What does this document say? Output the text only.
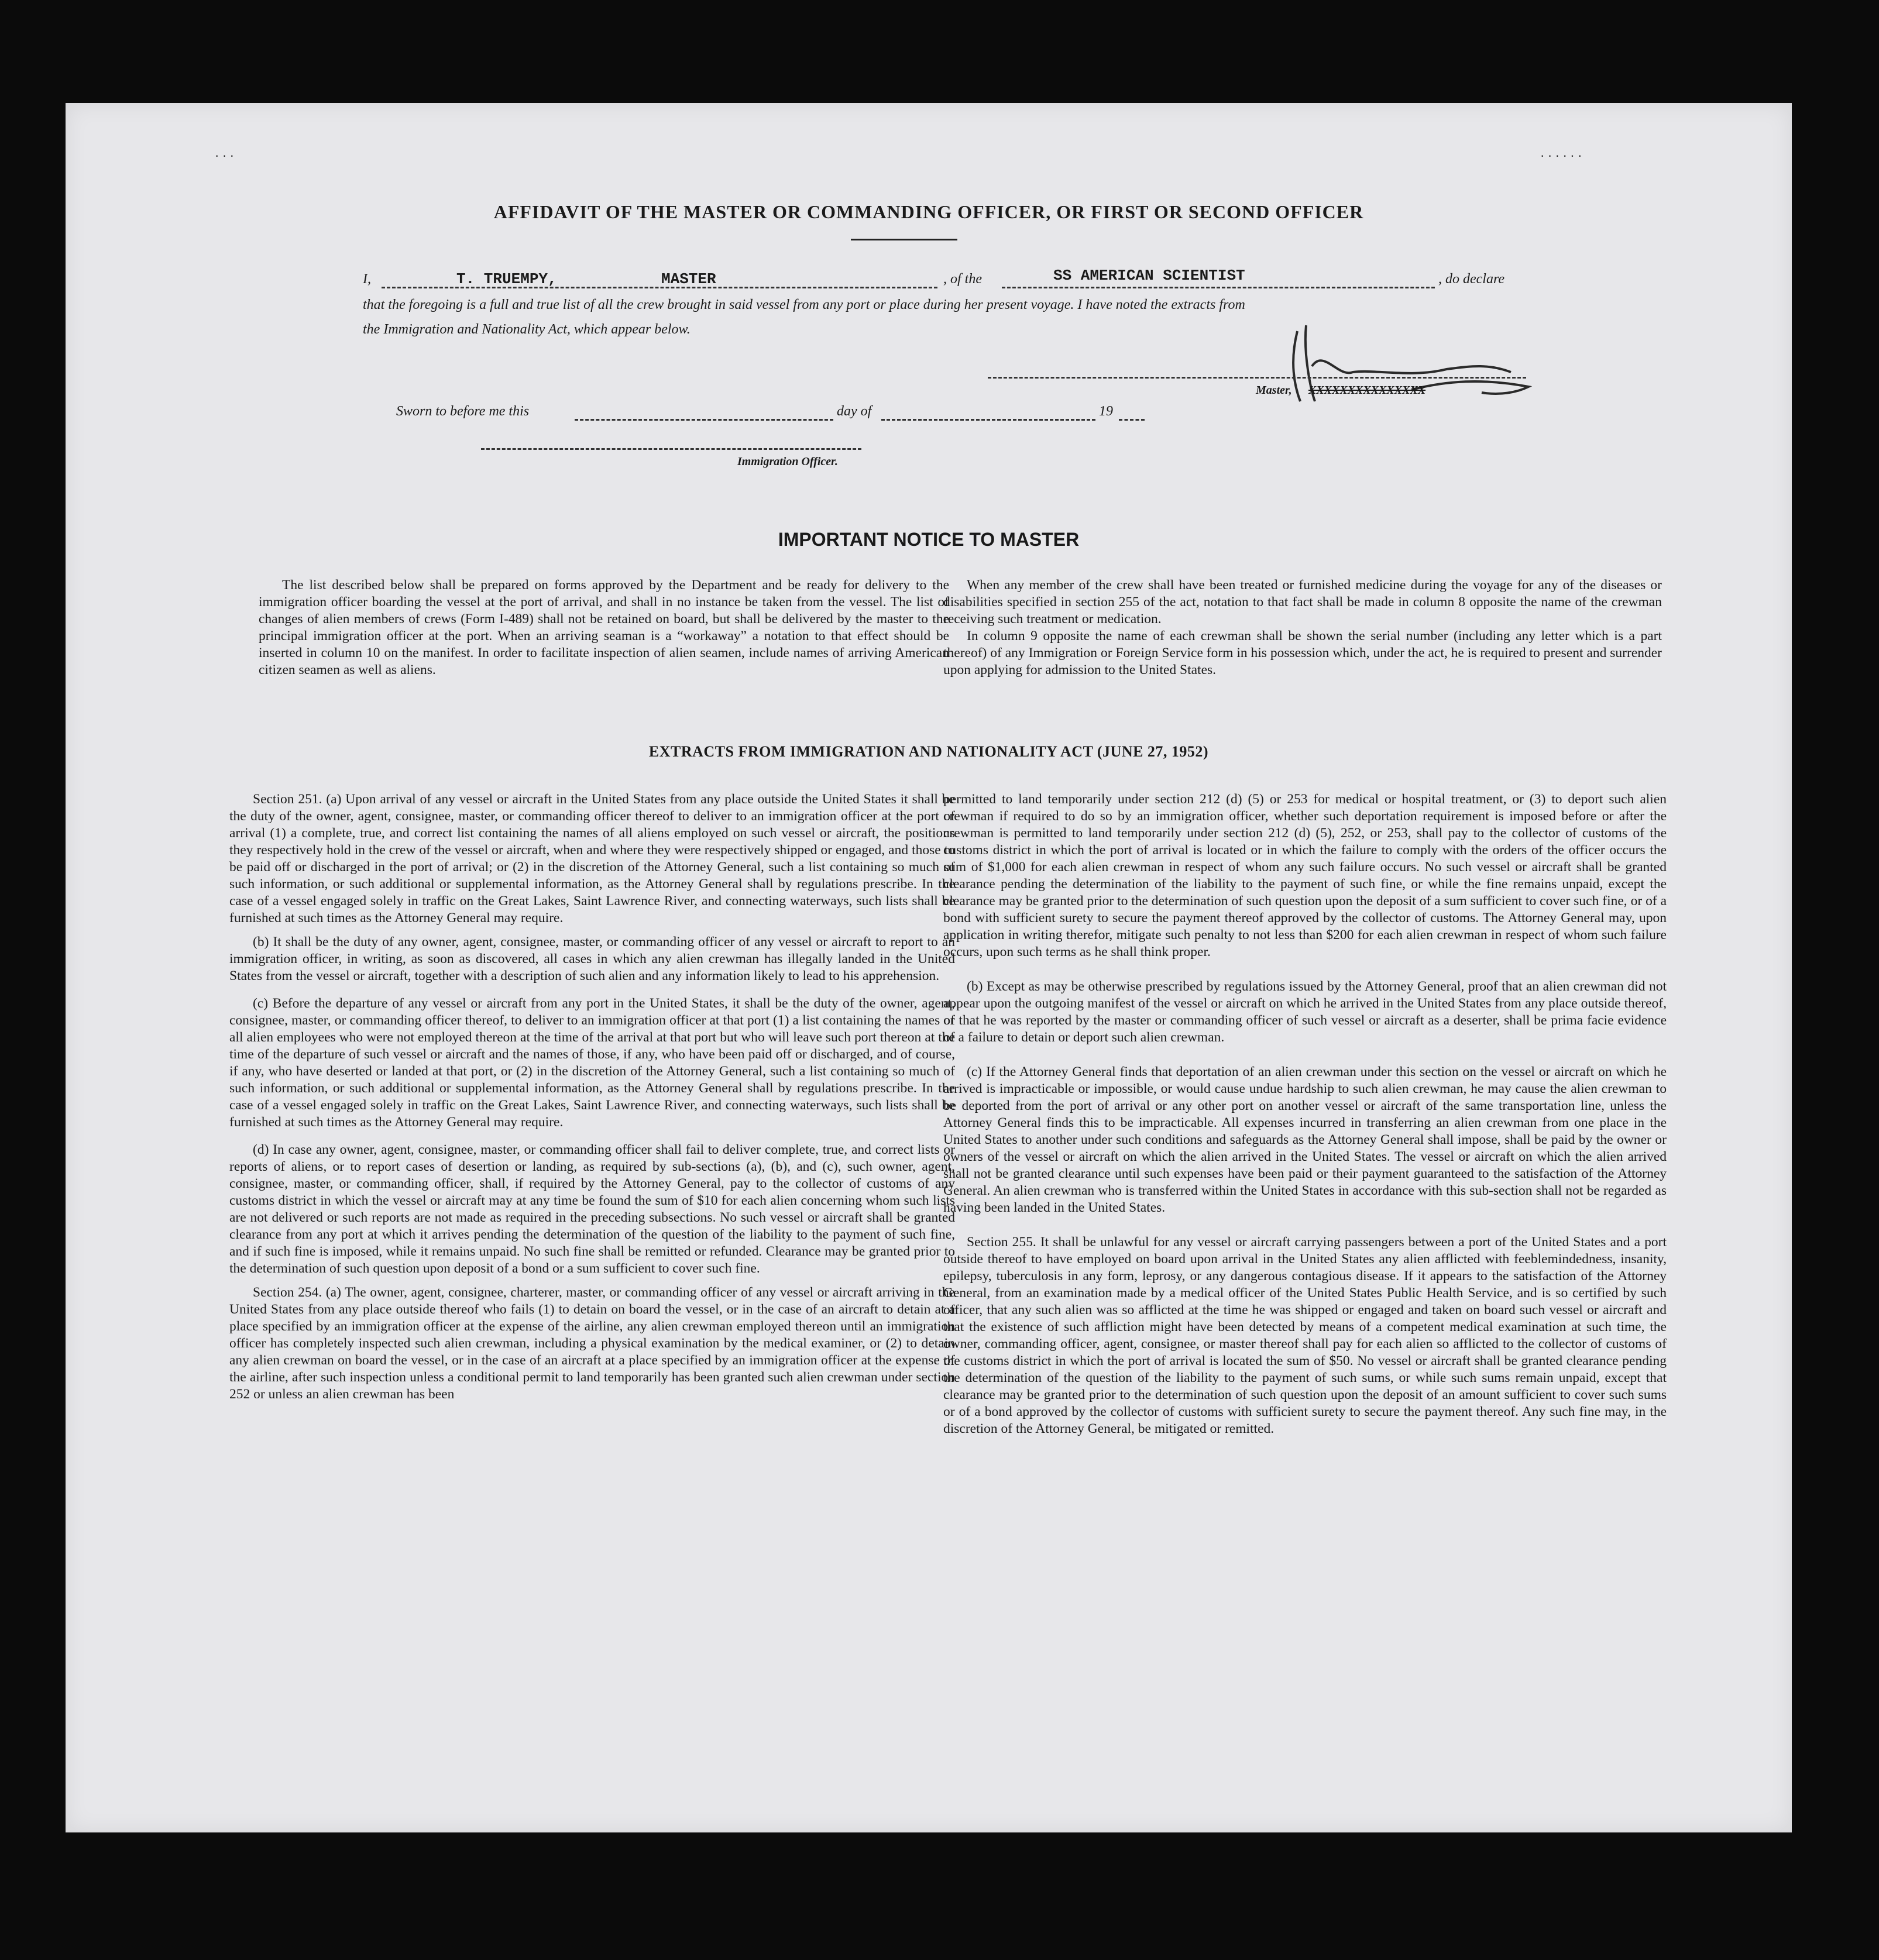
· · ·	· · · · · ·
AFFIDAVIT OF THE MASTER OR COMMANDING OFFICER, OR FIRST OR SECOND OFFICER
I,	T. TRUEMPY,	MASTER	, of the	SS AMERICAN SCIENTIST	, do declare
that the foregoing is a full and true list of all the crew brought in said vessel from any port or place during her present voyage. I have noted the extracts from
the Immigration and Nationality Act, which appear below.
Master, XXXXXXXXXXXXXXX
Sworn to before me this	day of	19
Immigration Officer.
IMPORTANT NOTICE TO MASTER

The list described below shall be prepared on forms approved by the Department and be ready for delivery to the immigration officer boarding the vessel at the port of arrival, and shall in no instance be taken from the vessel. The list of changes of alien members of crews (Form I-489) shall not be retained on board, but shall be delivered by the master to the principal immigration officer at the port. When an arriving seaman is a “workaway” a notation to that effect should be inserted in column 10 on the manifest. In order to facilitate inspection of alien seamen, include names of arriving American citizen seamen as well as aliens.

When any member of the crew shall have been treated or furnished medicine during the voyage for any of the diseases or disabilities specified in section 255 of the act, notation to that fact shall be made in column 8 opposite the name of the crewman receiving such treatment or medication.

In column 9 opposite the name of each crewman shall be shown the serial number (including any letter which is a part thereof) of any Immigration or Foreign Service form in his possession which, under the act, he is required to present and surrender upon applying for admission to the United States.

EXTRACTS FROM IMMIGRATION AND NATIONALITY ACT (JUNE 27, 1952)

Section 251. (a) Upon arrival of any vessel or aircraft in the United States from any place outside the United States it shall be the duty of the owner, agent, consignee, master, or commanding officer thereof to deliver to an immigration officer at the port of arrival (1) a complete, true, and correct list containing the names of all aliens employed on such vessel or aircraft, the positions they respectively hold in the crew of the vessel or aircraft, when and where they were respectively shipped or engaged, and those to be paid off or discharged in the port of arrival; or (2) in the discretion of the Attorney General, such a list containing so much of such information, or such additional or supplemental information, as the Attorney General shall by regulations prescribe. In the case of a vessel engaged solely in traffic on the Great Lakes, Saint Lawrence River, and connecting waterways, such lists shall be furnished at such times as the Attorney General may require.

(b) It shall be the duty of any owner, agent, consignee, master, or commanding officer of any vessel or aircraft to report to an immigration officer, in writing, as soon as discovered, all cases in which any alien crewman has illegally landed in the United States from the vessel or aircraft, together with a description of such alien and any information likely to lead to his apprehension.

(c) Before the departure of any vessel or aircraft from any port in the United States, it shall be the duty of the owner, agent, consignee, master, or commanding officer thereof, to deliver to an immigration officer at that port (1) a list containing the names of all alien employees who were not employed thereon at the time of the arrival at that port but who will leave such port thereon at the time of the departure of such vessel or aircraft and the names of those, if any, who have been paid off or discharged, and of course, if any, who have deserted or landed at that port, or (2) in the discretion of the Attorney General, such a list containing so much of such information, or such additional or supplemental information, as the Attorney General shall by regulations prescribe. In the case of a vessel engaged solely in traffic on the Great Lakes, Saint Lawrence River, and connecting waterways, such lists shall be furnished at such times as the Attorney General may require.

(d) In case any owner, agent, consignee, master, or commanding officer shall fail to deliver complete, true, and correct lists or reports of aliens, or to report cases of desertion or landing, as required by sub-sections (a), (b), and (c), such owner, agent, consignee, master, or commanding officer, shall, if required by the Attorney General, pay to the collector of customs of any customs district in which the vessel or aircraft may at any time be found the sum of $10 for each alien concerning whom such lists are not delivered or such reports are not made as required in the preceding subsections. No such vessel or aircraft shall be granted clearance from any port at which it arrives pending the determination of the question of the liability to the payment of such fine, and if such fine is imposed, while it remains unpaid. No such fine shall be remitted or refunded. Clearance may be granted prior to the determination of such question upon deposit of a bond or a sum sufficient to cover such fine.

Section 254. (a) The owner, agent, consignee, charterer, master, or commanding officer of any vessel or aircraft arriving in the United States from any place outside thereof who fails (1) to detain on board the vessel, or in the case of an aircraft to detain at a place specified by an immigration officer at the expense of the airline, any alien crewman employed thereon until an immigration officer has completely inspected such alien crewman, including a physical examination by the medical examiner, or (2) to detain any alien crewman on board the vessel, or in the case of an aircraft at a place specified by an immigration officer at the expense of the airline, after such inspection unless a conditional permit to land temporarily has been granted such alien crewman under section 252 or unless an alien crewman has been

permitted to land temporarily under section 212 (d) (5) or 253 for medical or hospital treatment, or (3) to deport such alien crewman if required to do so by an immigration officer, whether such deportation requirement is imposed before or after the crewman is permitted to land temporarily under section 212 (d) (5), 252, or 253, shall pay to the collector of customs of the customs district in which the port of arrival is located or in which the failure to comply with the orders of the officer occurs the sum of $1,000 for each alien crewman in respect of whom any such failure occurs. No such vessel or aircraft shall be granted clearance pending the determination of the liability to the payment of such fine, or while the fine remains unpaid, except the clearance may be granted prior to the determination of such question upon the deposit of a sum sufficient to cover such fine, or of a bond with sufficient surety to secure the payment thereof approved by the collector of customs. The Attorney General may, upon application in writing therefor, mitigate such penalty to not less than $200 for each alien crewman in respect of whom such failure occurs, upon such terms as he shall think proper.

(b) Except as may be otherwise prescribed by regulations issued by the Attorney General, proof that an alien crewman did not appear upon the outgoing manifest of the vessel or aircraft on which he arrived in the United States from any place outside thereof, or that he was reported by the master or commanding officer of such vessel or aircraft as a deserter, shall be prima facie evidence of a failure to detain or deport such alien crewman.

(c) If the Attorney General finds that deportation of an alien crewman under this section on the vessel or aircraft on which he arrived is impracticable or impossible, or would cause undue hardship to such alien crewman, he may cause the alien crewman to be deported from the port of arrival or any other port on another vessel or aircraft of the same transportation line, unless the Attorney General finds this to be impracticable. All expenses incurred in transferring an alien crewman from one place in the United States to another under such conditions and safeguards as the Attorney General shall impose, shall be paid by the owner or owners of the vessel or aircraft on which the alien arrived in the United States. The vessel or aircraft on which the alien arrived shall not be granted clearance until such expenses have been paid or their payment guaranteed to the satisfaction of the Attorney General. An alien crewman who is transferred within the United States in accordance with this sub-section shall not be regarded as having been landed in the United States.

Section 255. It shall be unlawful for any vessel or aircraft carrying passengers between a port of the United States and a port outside thereof to have employed on board upon arrival in the United States any alien afflicted with feeblemindedness, insanity, epilepsy, tuberculosis in any form, leprosy, or any dangerous contagious disease. If it appears to the satisfaction of the Attorney General, from an examination made by a medical officer of the United States Public Health Service, and is so certified by such officer, that any such alien was so afflicted at the time he was shipped or engaged and taken on board such vessel or aircraft and that the existence of such affliction might have been detected by means of a competent medical examination at such time, the owner, commanding officer, agent, consignee, or master thereof shall pay for each alien so afflicted to the collector of customs of the customs district in which the port of arrival is located the sum of $50. No vessel or aircraft shall be granted clearance pending the determination of the question of the liability to the payment of such sums, or while such sums remain unpaid, except that clearance may be granted prior to the determination of such question upon the deposit of an amount sufficient to cover such sums or of a bond approved by the collector of customs with sufficient surety to secure the payment thereof. Any such fine may, in the discretion of the Attorney General, be mitigated or remitted.
